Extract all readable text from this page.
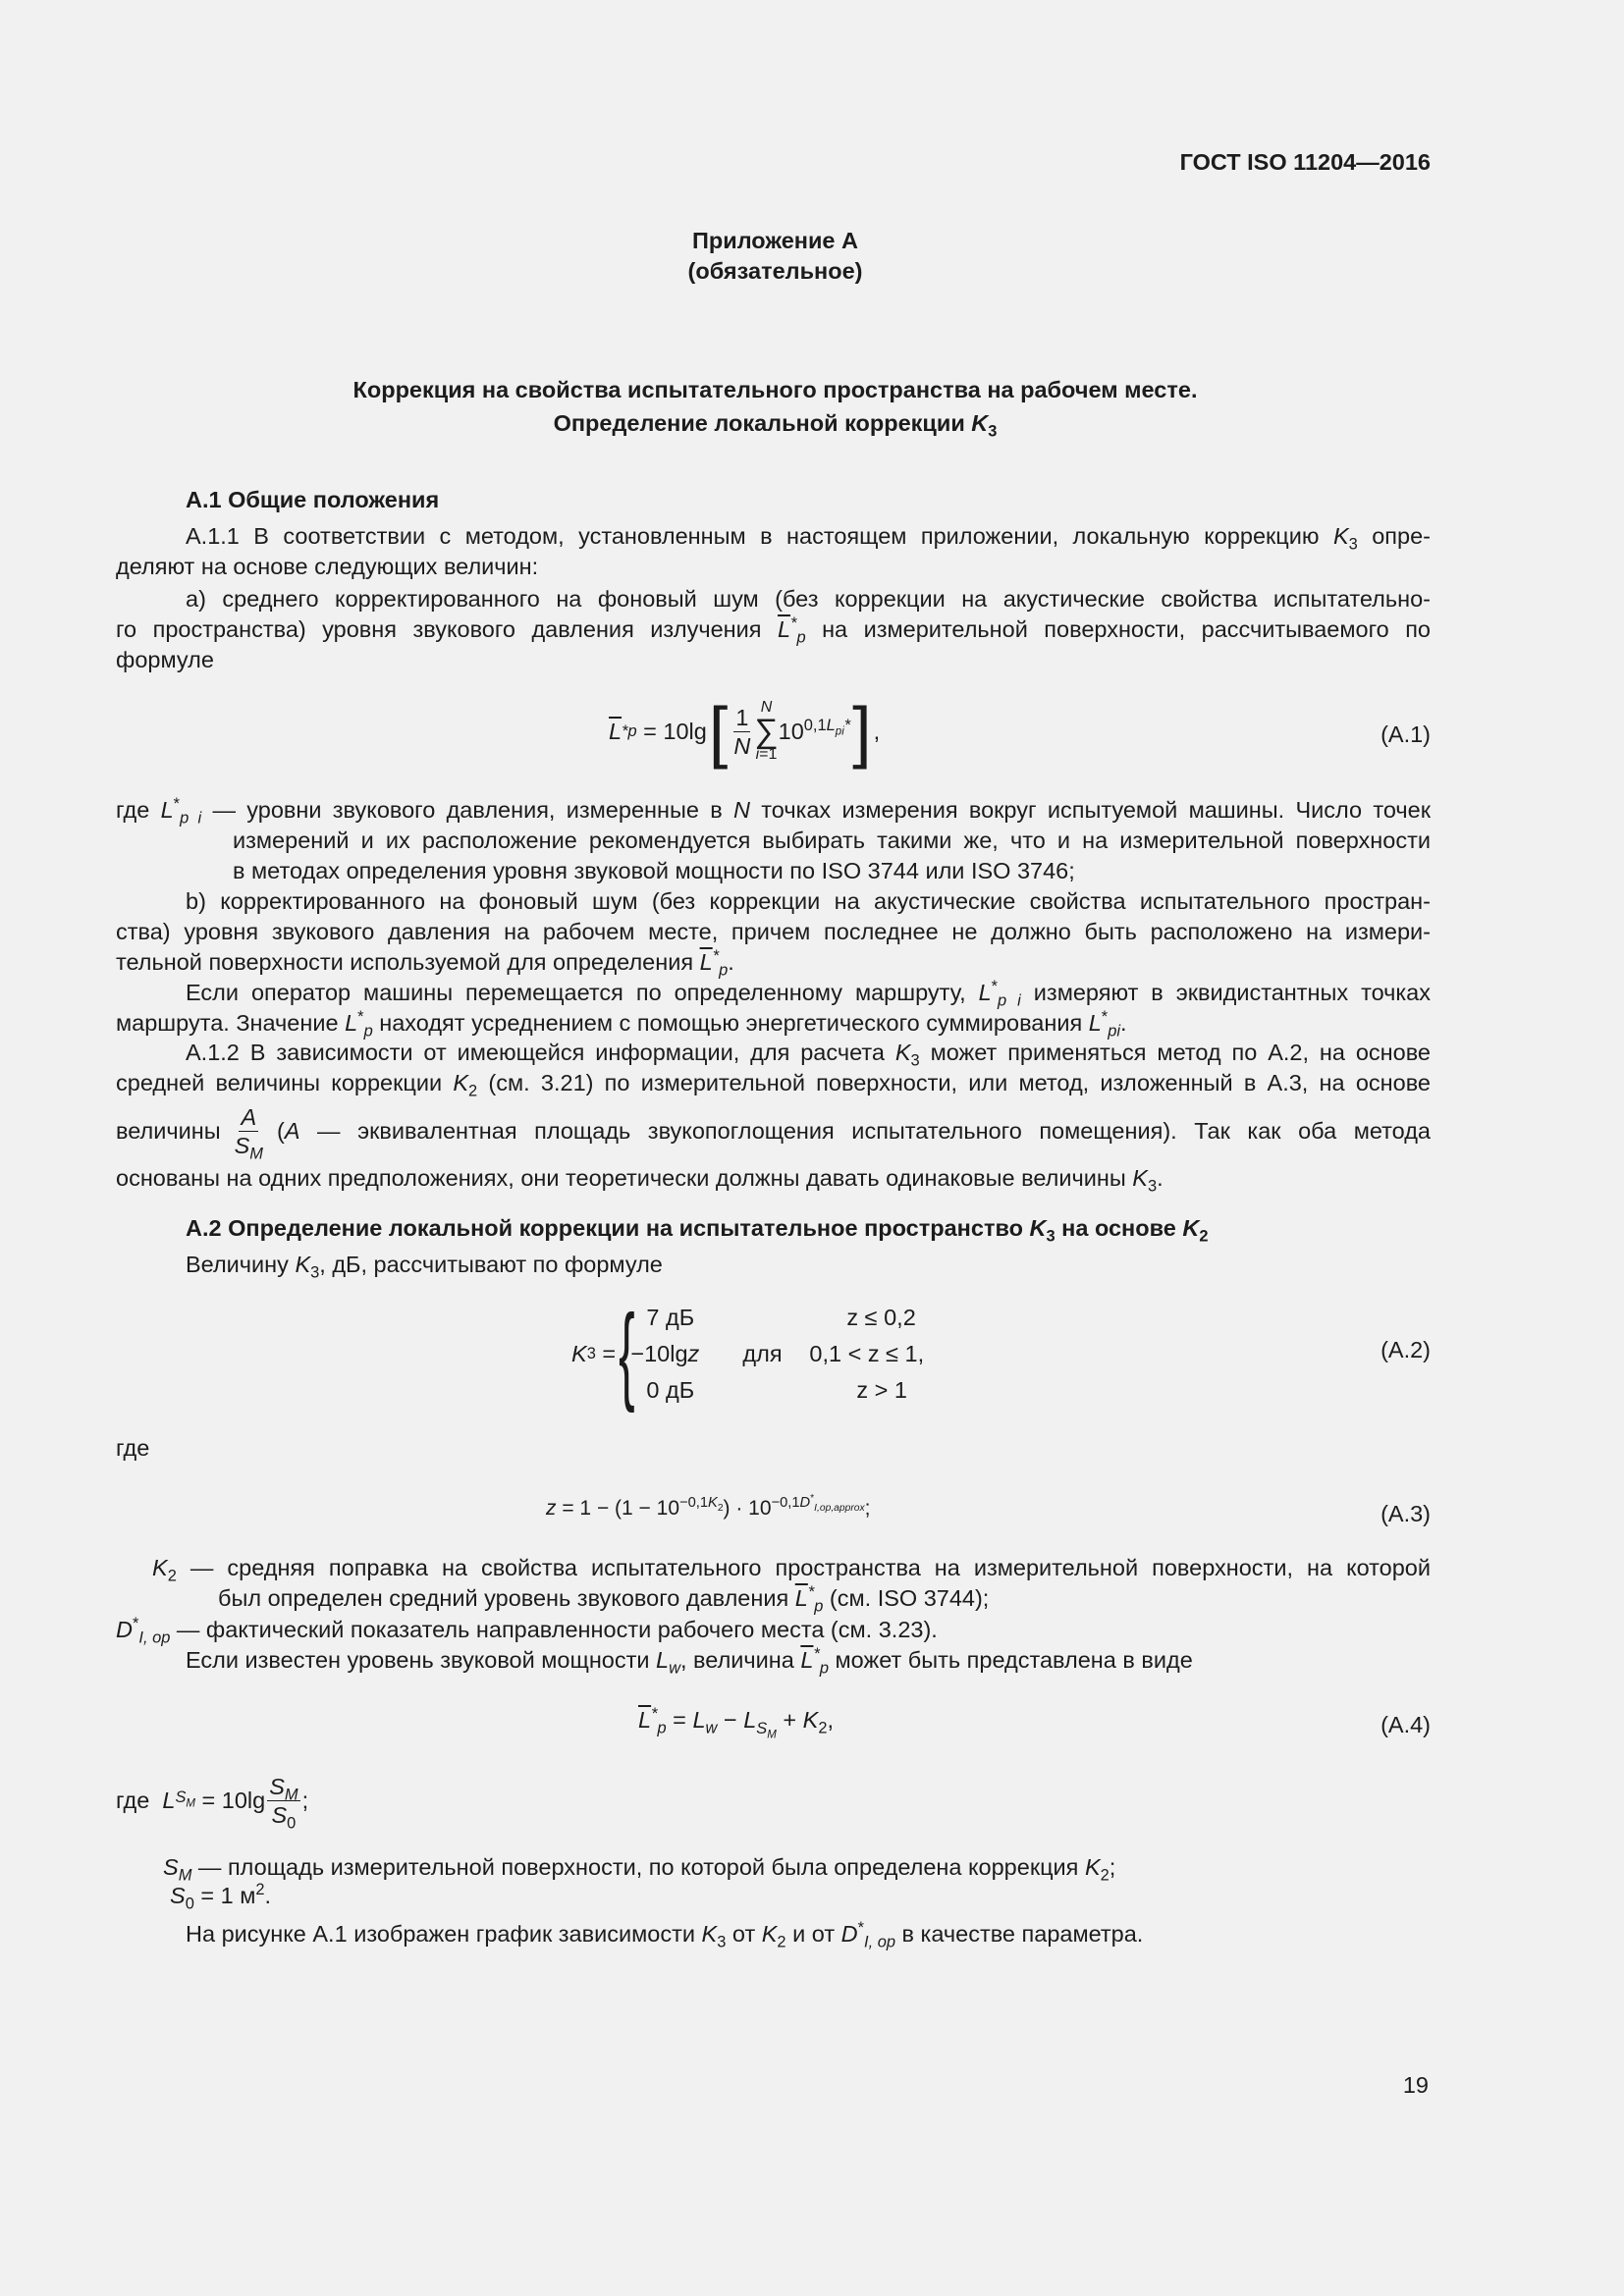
ГОСТ ISO 11204—2016
Приложение А
(обязательное)
Коррекция на свойства испытательного пространства на рабочем месте.
Определение локальной коррекции $K_3$
А.1 Общие положения
А.1.1 В соответствии с методом, установленным в настоящем приложении, локальную коррекцию $K_3$ опре-
деляют на основе следующих величин:
а) среднего корректированного на фоновый шум (без коррекции на акустические свойства испытательно-
го пространства) уровня звукового давления излучения $\overline{L}^*_p$ на измерительной поверхности, рассчитываемого по
формуле
$\overline{L} * p = 10\lg$ [ $\frac{1}{N}$ N
∑
i=1
$10^{0,1L_{pi}*}$ ] ,	(А.1)
где $L^*_{p i}$ — уровни звукового давления, измеренные в N точках измерения вокруг испытуемой машины. Число точек
измерений и их расположение рекомендуется выбирать такими же, что и на измерительной поверхности
в методах определения уровня звуковой мощности по ISO 3744 или ISO 3746;
b) корректированного на фоновый шум (без коррекции на акустические свойства испытательного простран-
ства) уровня звукового давления на рабочем месте, причем последнее не должно быть расположено на измери-
тельной поверхности используемой для определения $\overline{L}^*_p$.
Если оператор машины перемещается по определенному маршруту, $L^*_{p i}$ измеряют в эквидистантных точках
маршрута. Значение $L^*_p$ находят усреднением с помощью энергетического суммирования $L^*_{pi}$.
А.1.2 В зависимости от имеющейся информации, для расчета $K_3$ может применяться метод по А.2, на основе
средней величины коррекции $K_2$ (см. 3.21) по измерительной поверхности, или метод, изложенный в А.3, на основе
величины $\frac{A}{S_M} (A$ — эквивалентная площадь звукопоглощения испытательного помещения). Так как оба метода
основаны на одних предположениях, они теоретически должны давать одинаковые величины $K_3$.
А.2 Определение локальной коррекции на испытательное пространство $K_3$ на основе $K_2$
Величину $K_3$, дБ, рассчитывают по формуле
K 3 =
{ 7 дБ	z ≤ 0,2
−10lgz	для	0,1 < z ≤ 1,
0 дБ	z > 1
(А.2)
где
$z = 1 - (1 - 10^{-0,1K_2}) \cdot 10^{-0,1D^*_{I,op,approx}}$;	(А.3)
$K_2$ — средняя поправка на свойства испытательного пространства на измерительной поверхности, на которой
был определен средний уровень звукового давления $\overline{L}^*_p$ (см. ISO 3744);
$D^*_{I, op}$ — фактический показатель направленности рабочего места (см. 3.23).
Если известен уровень звуковой мощности $L_w$, величина $\overline{L}^*_p$ может быть представлена в виде
$\overline{L}^*_p = L_w - L_{S_M} + K_2$,	(А.4)
где L $S_M = 10\lg \frac{S_M}{S_0}$ ;
$S_M$ — площадь измерительной поверхности, по которой была определена коррекция $K_2$;
$S_0 = 1$ $м^2$.
На рисунке А.1 изображен график зависимости $K_3$ от $K_2$ и от $D^*_{I, op}$ в качестве параметра.
19
